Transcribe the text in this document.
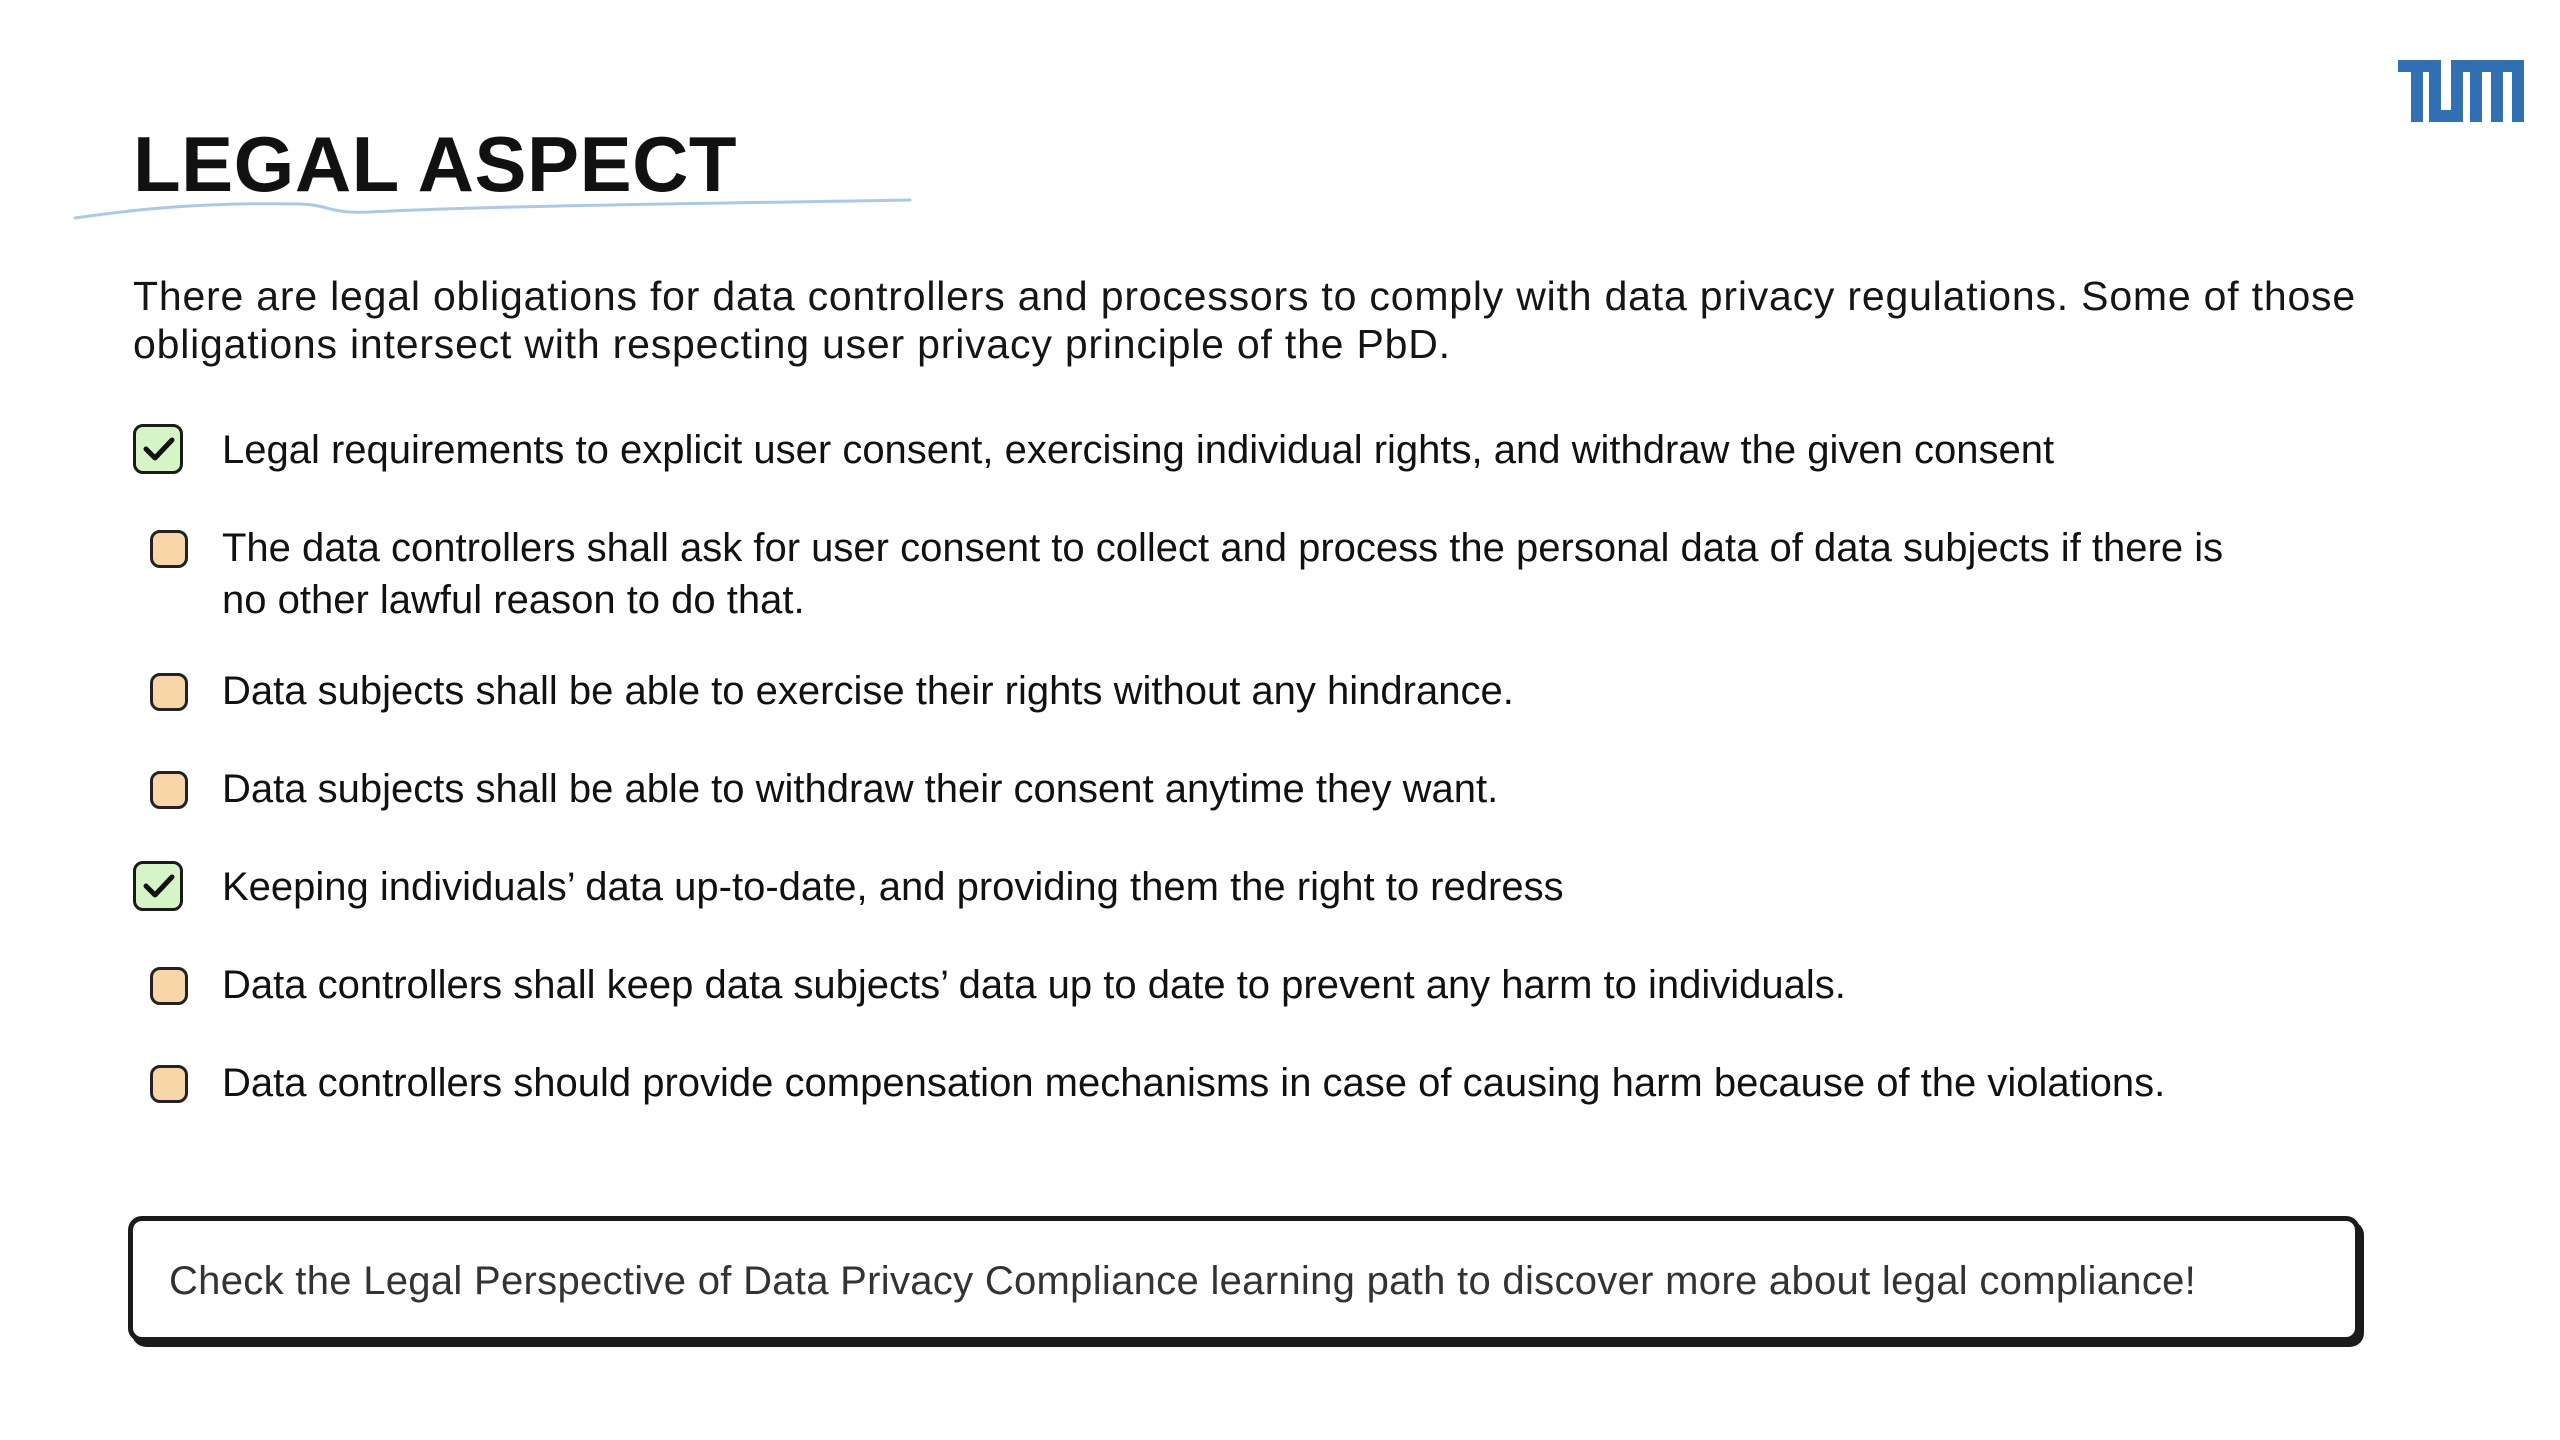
LEGAL ASPECT

There are legal obligations for data controllers and processors to comply with data privacy regulations. Some of those obligations intersect with respecting user privacy principle of the PbD.

Legal requirements to explicit user consent, exercising individual rights, and withdraw the given consent
The data controllers shall ask for user consent to collect and process the personal data of data subjects if there is no other lawful reason to do that.
Data subjects shall be able to exercise their rights without any hindrance.
Data subjects shall be able to withdraw their consent anytime they want.
Keeping individuals’ data up-to-date, and providing them the right to redress
Data controllers shall keep data subjects’ data up to date to prevent any harm to individuals.
Data controllers should provide compensation mechanisms in case of causing harm because of the violations.
Check the Legal Perspective of Data Privacy Compliance learning path to discover more about legal compliance!
